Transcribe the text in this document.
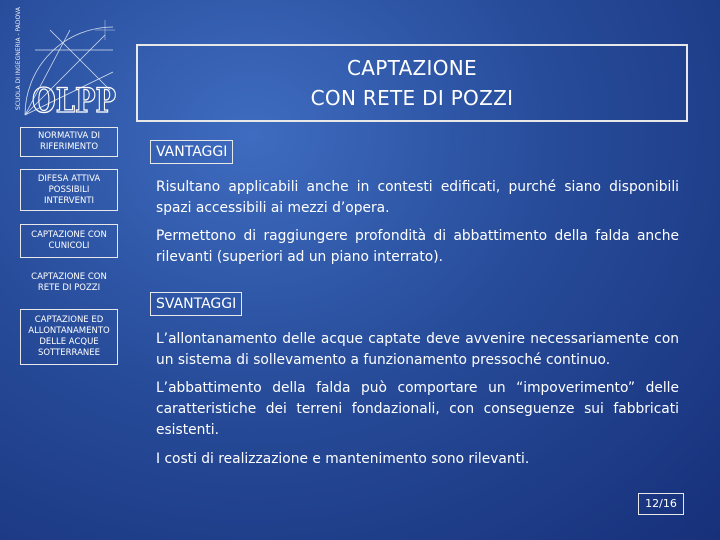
SCUOLA DI INGEGNERIA - PADOVA OLPP
CAPTAZIONE
CON RETE DI POZZI
NORMATIVA DI
RIFERIMENTO
DIFESA ATTIVA
POSSIBILI
INTERVENTI
CAPTAZIONE CON
CUNICOLI
CAPTAZIONE CON
RETE DI POZZI
CAPTAZIONE ED
ALLONTANAMENTO
DELLE ACQUE
SOTTERRANEE
VANTAGGI
Risultano applicabili anche in contesti edificati, purché siano disponibili spazi accessibili ai mezzi d’opera.
Permettono di raggiungere profondità di abbattimento della falda anche rilevanti (superiori ad un piano interrato).
SVANTAGGI
L’allontanamento delle acque captate deve avvenire necessariamente con un sistema di sollevamento a funzionamento pressoché continuo.
L’abbattimento della falda può comportare un “impoverimento” delle caratteristiche dei terreni fondazionali, con conseguenze sui fabbricati esistenti.
I costi di realizzazione e mantenimento sono rilevanti.
12/16
